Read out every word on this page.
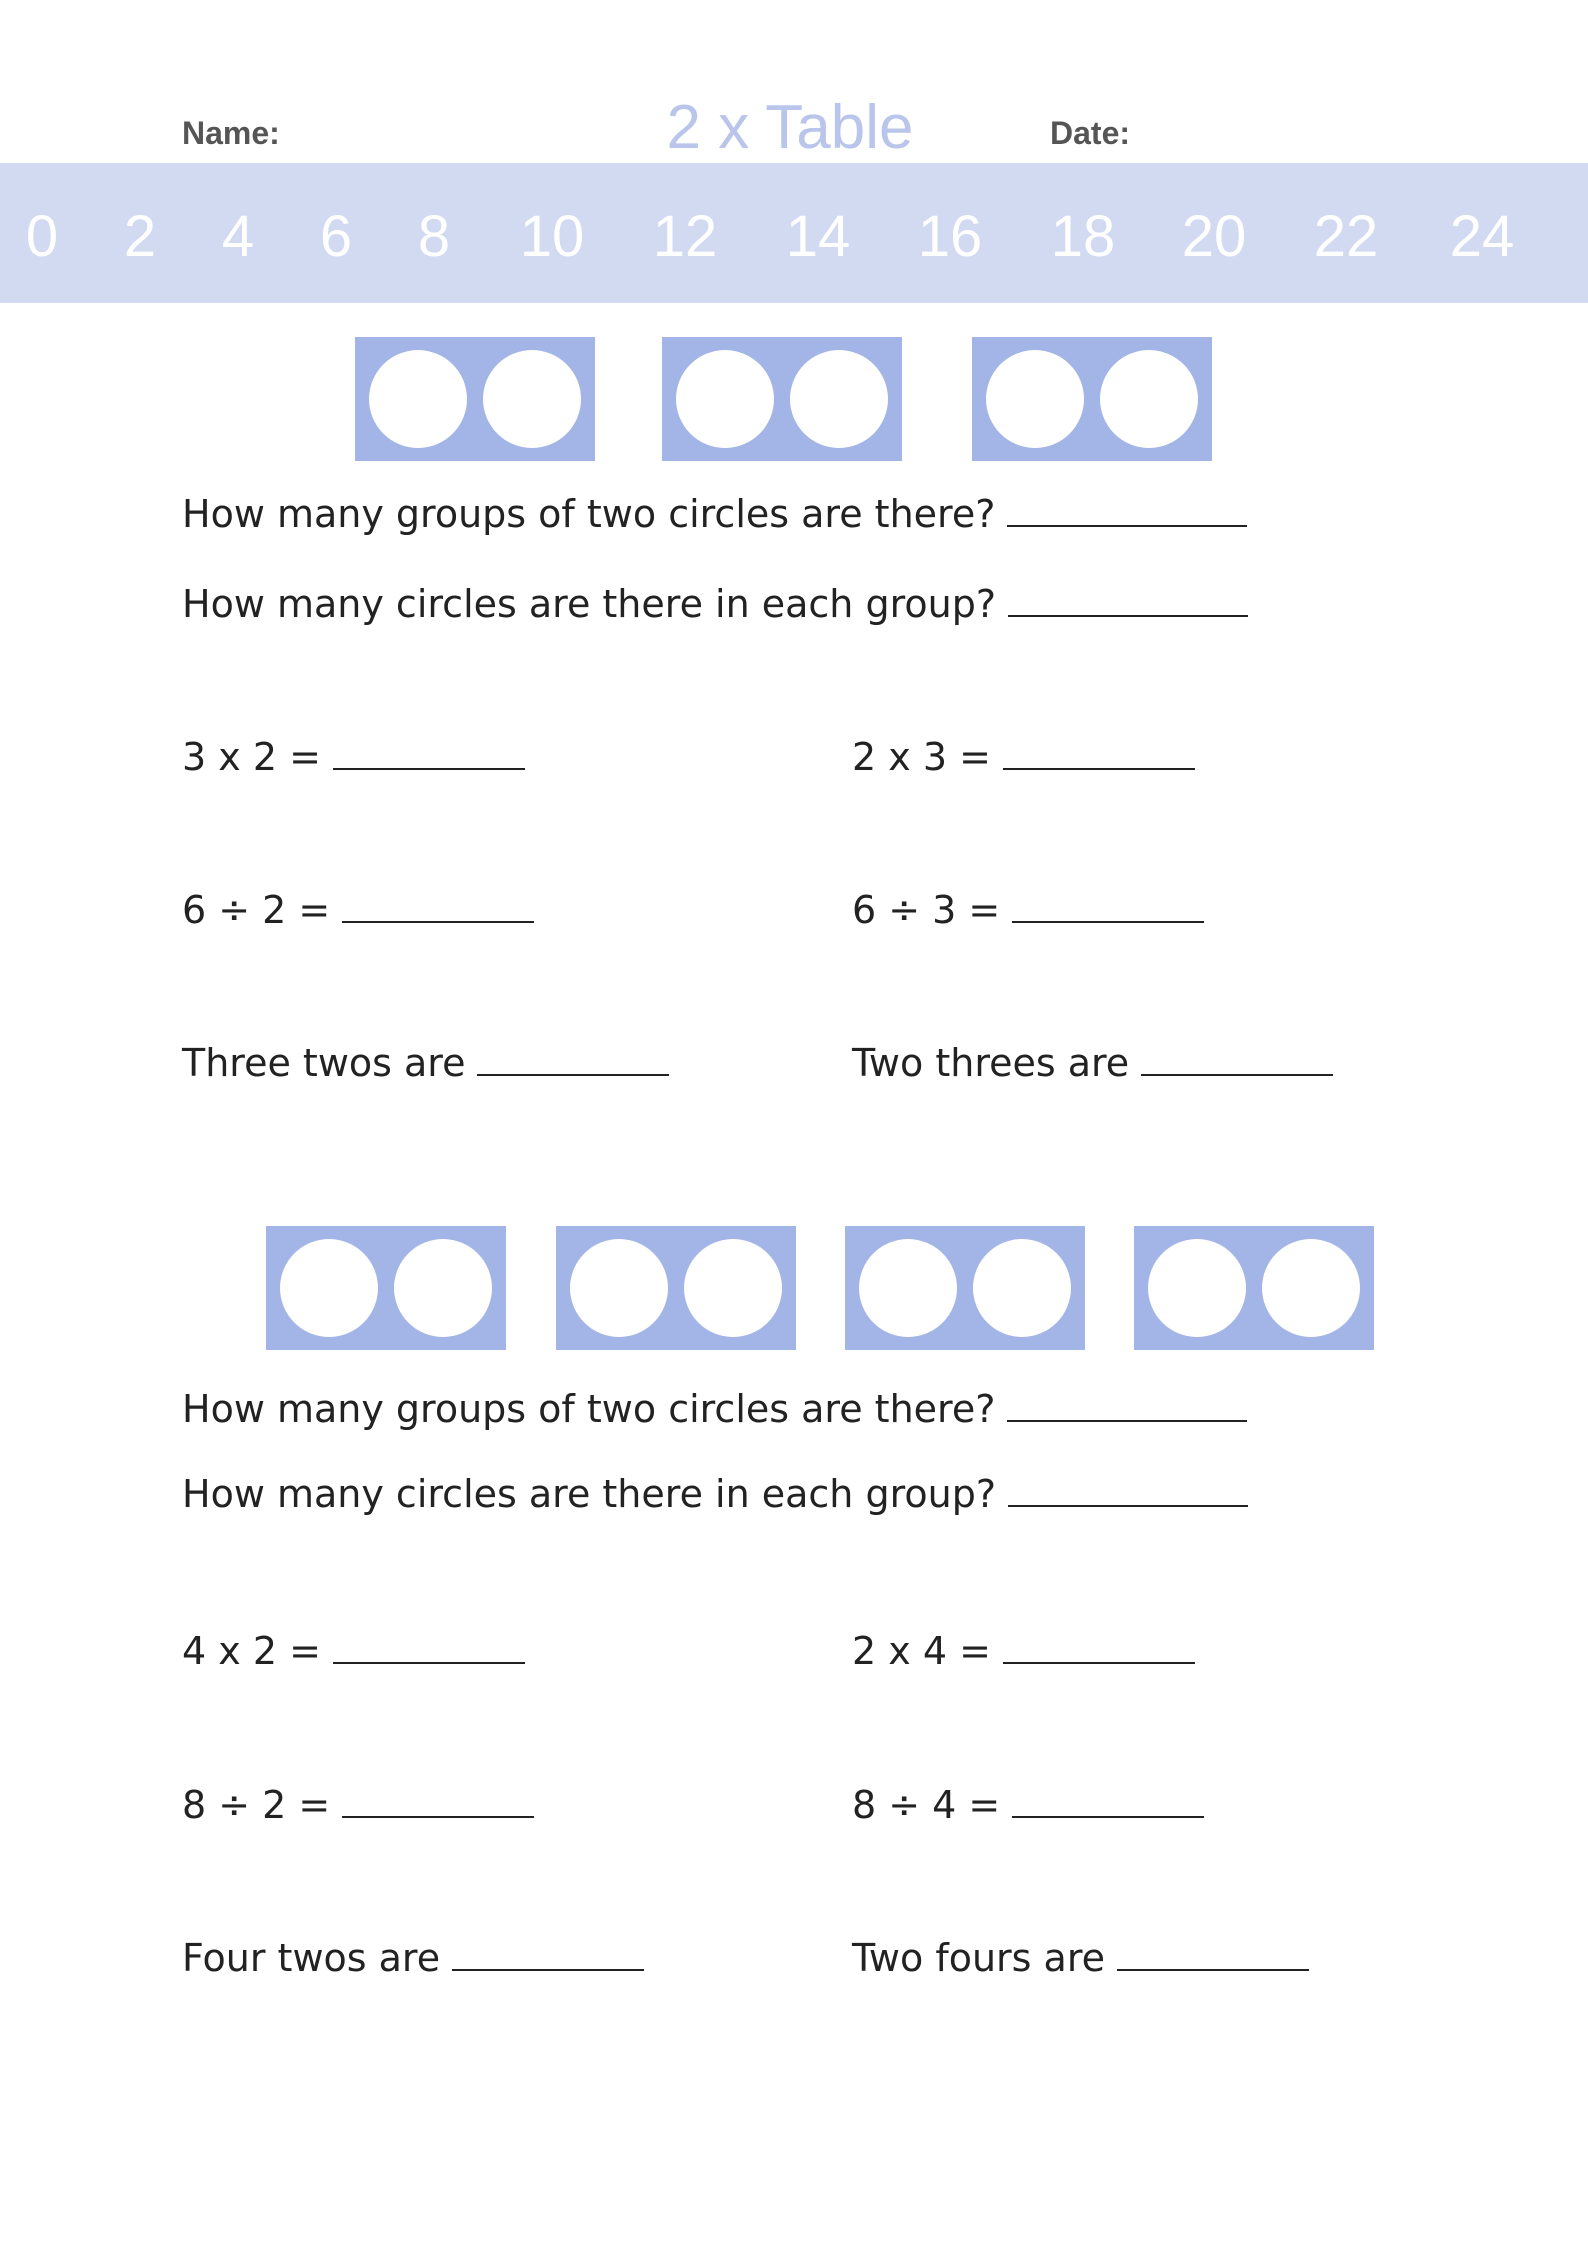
Name:	2 x Table	Date:
0 2 4 6 8 10 12 14 16 18 20 22 24
How many groups of two circles are there?
How many circles are there in each group?
3 x 2 =	2 x 3 =
6 ÷ 2 =	6 ÷ 3 =
Three twos are	Two threes are
How many groups of two circles are there?
How many circles are there in each group?
4 x 2 =	2 x 4 =
8 ÷ 2 =	8 ÷ 4 =
Four twos are	Two fours are
